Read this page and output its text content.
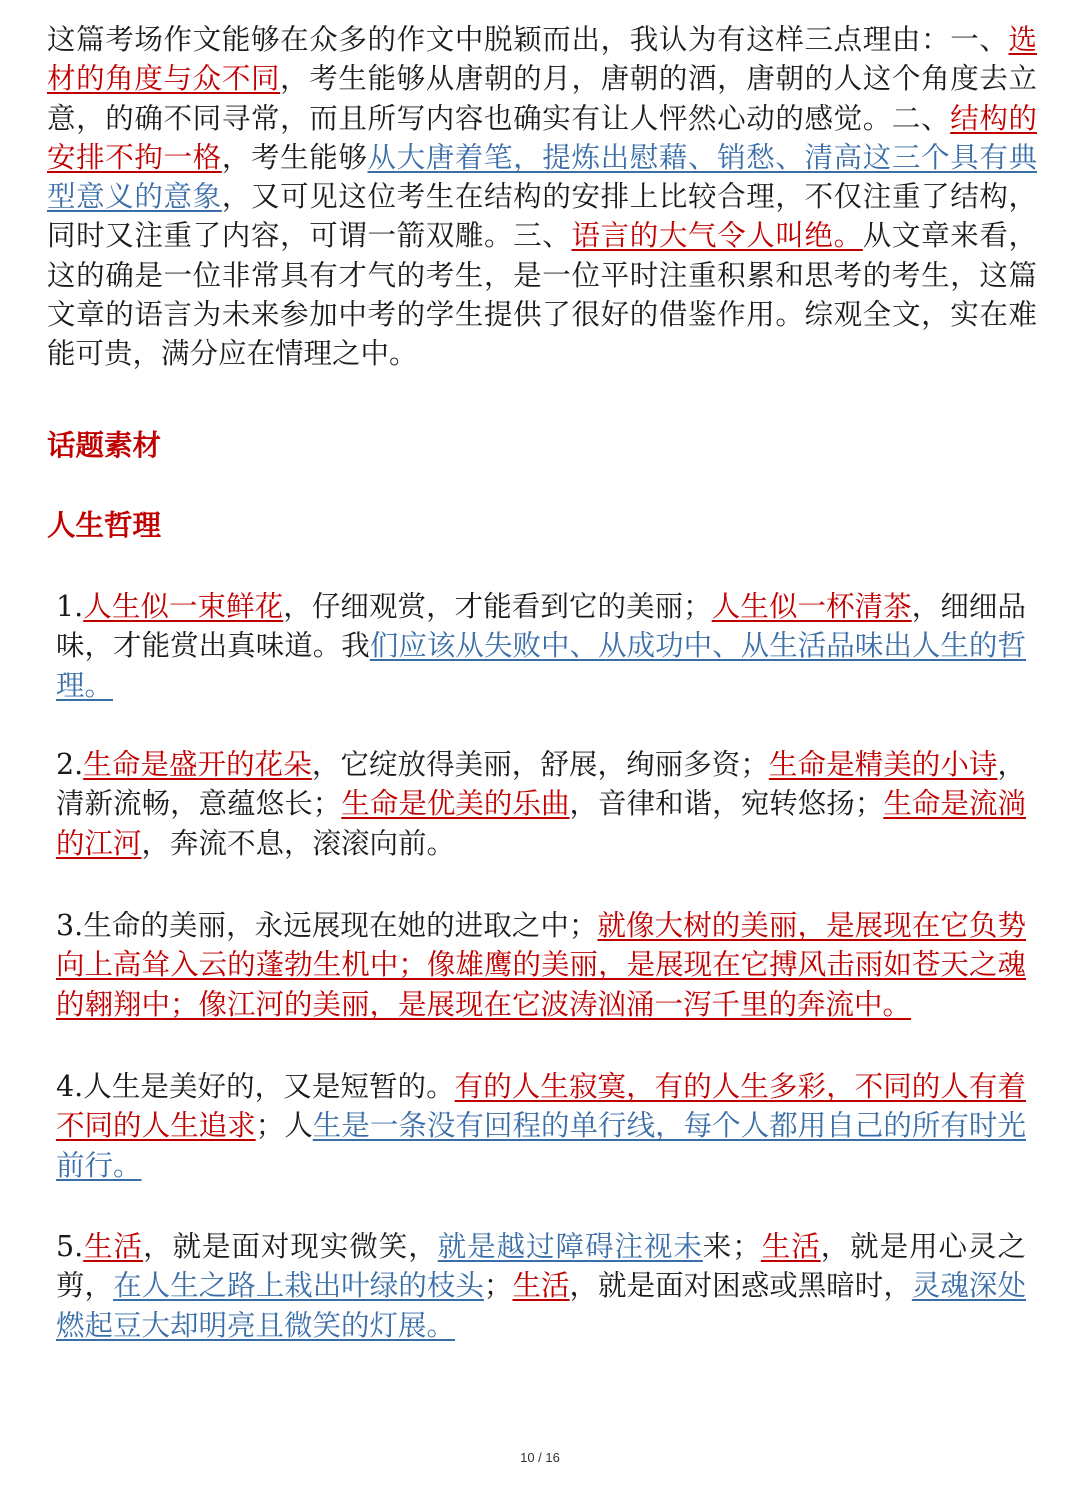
这篇考场作文能够在众多的作文中脱颖而出，我认为有这样三点理由：一、选材的角度与众不同，考生能够从唐朝的月，唐朝的酒，唐朝的人这个角度去立意，的确不同寻常，而且所写内容也确实有让人怦然心动的感觉。二、结构的安排不拘一格，考生能够从大唐着笔，提炼出慰藉、销愁、清高这三个具有典型意义的意象，又可见这位考生在结构的安排上比较合理，不仅注重了结构，同时又注重了内容，可谓一箭双雕。三、语言的大气令人叫绝。从文章来看，这的确是一位非常具有才气的考生，是一位平时注重积累和思考的考生，这篇文章的语言为未来参加中考的学生提供了很好的借鉴作用。综观全文，实在难能可贵，满分应在情理之中。

话题素材
人生哲理

1.人生似一束鲜花，仔细观赏，才能看到它的美丽；人生似一杯清茶，细细品味，才能赏出真味道。我们应该从失败中、从成功中、从生活品味出人生的哲理。

2.生命是盛开的花朵，它绽放得美丽，舒展，绚丽多资；生命是精美的小诗，清新流畅，意蕴悠长；生命是优美的乐曲，音律和谐，宛转悠扬；生命是流淌的江河，奔流不息，滚滚向前。

3.生命的美丽，永远展现在她的进取之中；就像大树的美丽，是展现在它负势向上高耸入云的蓬勃生机中；像雄鹰的美丽，是展现在它搏风击雨如苍天之魂的翱翔中；像江河的美丽，是展现在它波涛汹涌一泻千里的奔流中。

4.人生是美好的，又是短暂的。有的人生寂寞，有的人生多彩，不同的人有着不同的人生追求；人生是一条没有回程的单行线，每个人都用自己的所有时光前行。

5.生活，就是面对现实微笑，就是越过障碍注视未来；生活，就是用心灵之剪，在人生之路上栽出叶绿的枝头；生活，就是面对困惑或黑暗时，灵魂深处燃起豆大却明亮且微笑的灯展。

10 / 16
